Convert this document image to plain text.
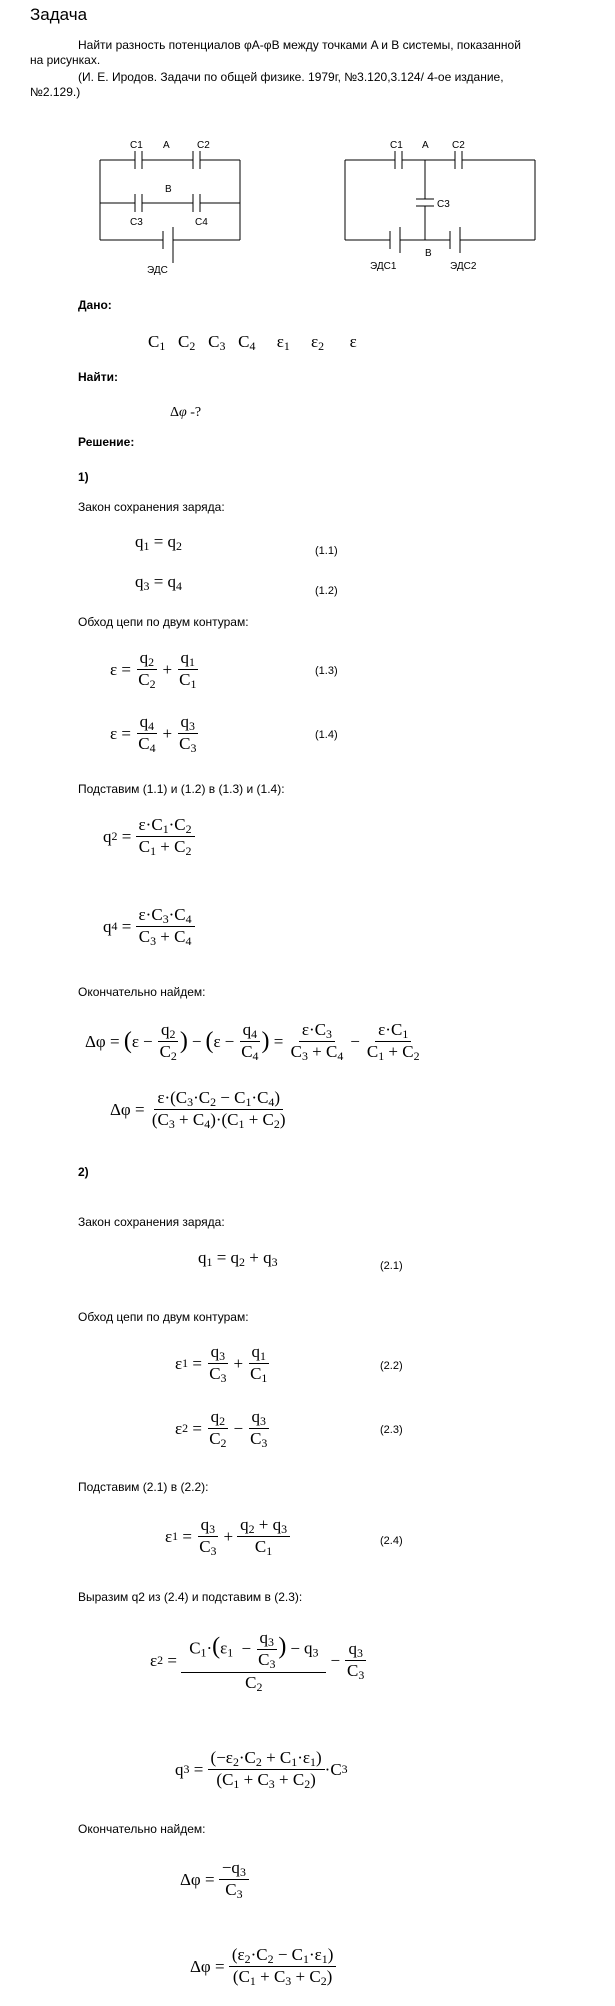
Задача
Найти разность потенциалов φA-φB между точками A и B системы, показанной
на рисунках.
(И. Е. Иродов. Задачи по общей физике. 1979г, №3.120,3.124/ 4-ое издание,
№2.129.)
C1 A	C2
B
C3	C4
ЭДС
C1 A C2
C3
B
ЭДС1	ЭДС2
Дано:
$C_1$   $C_2$   $C_3$   $C_4$     $\varepsilon_1$     $\varepsilon_2$      ε
Найти:
Δφ -?
Решение:
1)
Закон сохранения заряда:
$q_1 = q_2$	(1.1)
$q_3 = q_4$	(1.2)
Обход цепи по двум контурам:
$\varepsilon = \frac{q_2}{C_2} + \frac{q_1}{C_1}$	(1.3)
$\varepsilon = \frac{q_4}{C_4} + \frac{q_3}{C_3}$	(1.4)
Подставим (1.1) и (1.2) в (1.3) и (1.4):
q $2 = \frac{\varepsilon\cdot C_1\cdot C_2}{C_1 + C_2}$
q $4 = \frac{\varepsilon\cdot C_3\cdot C_4}{C_3 + C_4}$
Окончательно найдем:
Δφ = ( $\varepsilon - \frac{q_2}{C_2}$ ) − ( $\varepsilon - \frac{q_4}{C_4}$ ) = $\frac{\varepsilon\cdot C_3}{C_3 + C_4} - \frac{\varepsilon\cdot C_1}{C_1 + C_2}$
$\Delta\varphi = \frac{\varepsilon\cdot(C_3\cdot C_2 - C_1\cdot C_4)}{(C_3 + C_4)\cdot(C_1 + C_2)}$
2)
Закон сохранения заряда:
$q_1 = q_2 + q_3$	(2.1)
Обход цепи по двум контурам:
ε $1 = \frac{q_3}{C_3} + \frac{q_1}{C_1}$	(2.2)
ε $2 = \frac{q_2}{C_2} - \frac{q_3}{C_3}$	(2.3)
Подставим (2.1) в (2.2):
ε $1 = \frac{q_3}{C_3} + \frac{q_2 + q_3}{C_1}$	(2.4)
Выразим q2 из (2.4) и подставим в (2.3):
ε $2 = \frac{C_1\cdot(\varepsilon_1 - \frac{q_3}{C_3} ) - q_3}{C_2} - \frac{q_3}{C_3}$
q $3 = \frac{(-\varepsilon_2\cdot C_2 + C_1\cdot\varepsilon_1)}{(C_1 + C_3 + C_2)} \cdot C$ 3
Окончательно найдем:
$\Delta\varphi = \frac{-q_3}{C_3}$
$\Delta\varphi = \frac{(\varepsilon_2\cdot C_2 - C_1\cdot\varepsilon_1)}{(C_1 + C_3 + C_2)}$
